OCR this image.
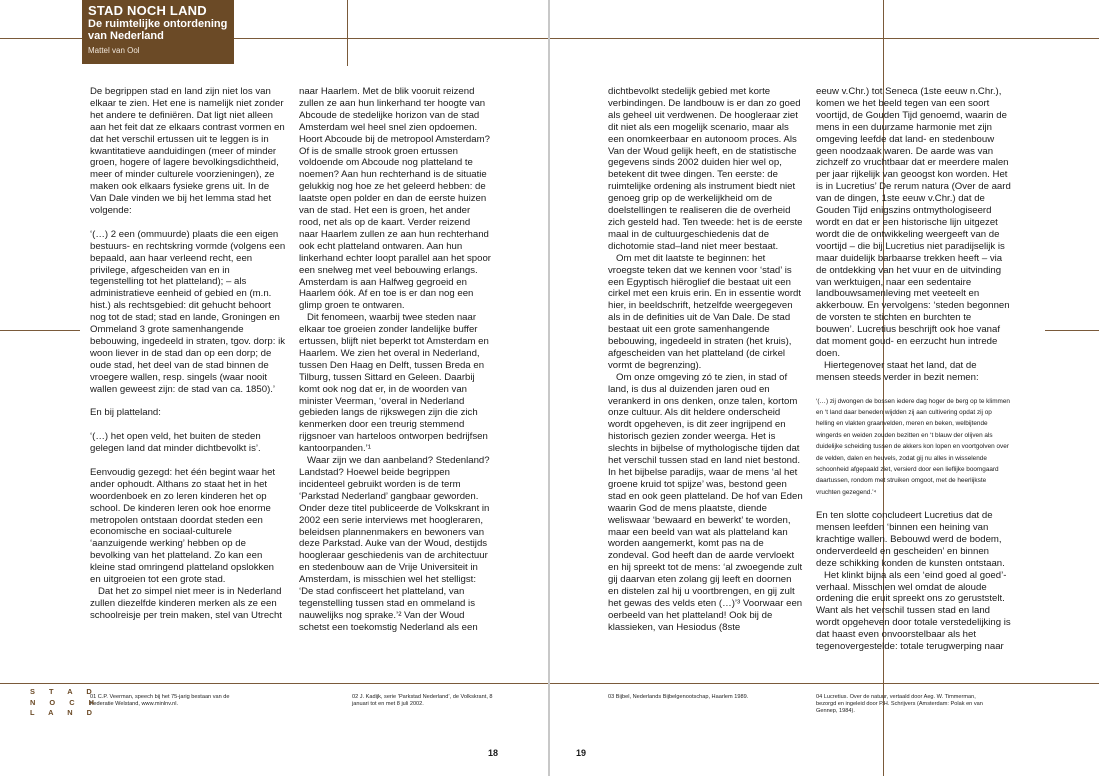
STAD NOCH LAND
De ruimtelijke ontordening
van Nederland
Mattel van Ool

De begrippen stad en land zijn niet los van elkaar te zien. Het ene is namelijk niet zonder het andere te definiëren. Dat ligt niet alleen aan het feit dat ze elkaars contrast vormen en dat het verschil ertussen uit te leggen is in kwantitatieve aanduidingen (meer of minder groen, hogere of lagere bevolkingsdichtheid, meer of minder culturele voorzieningen), ze maken ook elkaars fysieke grens uit. In de Van Dale vinden we bij het lemma stad het volgende:

‘(…) 2 een (ommuurde) plaats die een eigen bestuurs- en rechtskring vormde (volgens een bepaald, aan haar verleend recht, een privilege, afgescheiden van en in tegenstelling tot het platteland); – als administratieve eenheid of gebied en (m.n. hist.) als rechtsgebied: dit gehucht behoort nog tot de stad; stad en lande, Groningen en Ommeland 3 grote samenhangende bebouwing, ingedeeld in straten, tgov. dorp: ik woon liever in de stad dan op een dorp; de oude stad, het deel van de stad binnen de vroegere wallen, resp. singels (waar nooit wallen geweest zijn: de stad van ca. 1850).’

En bij platteland:

‘(…) het open veld, het buiten de steden gelegen land dat minder dichtbevolkt is’.

Eenvoudig gezegd: het één begint waar het ander ophoudt. Althans zo staat het in het woordenboek en zo leren kinderen het op school. De kinderen leren ook hoe enorme metropolen ontstaan doordat steden een economische en sociaal-culturele ‘aanzuigende werking’ hebben op de bevolking van het platteland. Zo kan een kleine stad omringend platteland opslokken en uitgroeien tot een grote stad.

Dat het zo simpel niet meer is in Nederland zullen diezelfde kinderen merken als ze een schoolreisje per trein maken, stel van Utrecht

naar Haarlem. Met de blik vooruit reizend zullen ze aan hun linkerhand ter hoogte van Abcoude de stedelijke horizon van de stad Amsterdam wel heel snel zien opdoemen. Hoort Abcoude bij de metropool Amsterdam? Of is de smalle strook groen ertussen voldoende om Abcoude nog platteland te noemen? Aan hun rechterhand is de situatie gelukkig nog hoe ze het geleerd hebben: de laatste open polder en dan de eerste huizen van de stad. Het een is groen, het ander rood, net als op de kaart. Verder reizend naar Haarlem zullen ze aan hun rechterhand ook echt platteland ontwaren. Aan hun linkerhand echter loopt parallel aan het spoor een snelweg met veel bebouwing erlangs. Amsterdam is aan Halfweg gegroeid en Haarlem óók. Af en toe is er dan nog een glimp groen te ontwaren.

Dit fenomeen, waarbij twee steden naar elkaar toe groeien zonder landelijke buffer ertussen, blijft niet beperkt tot Amsterdam en Haarlem. We zien het overal in Nederland, tussen Den Haag en Delft, tussen Breda en Tilburg, tussen Sittard en Geleen. Daarbij komt ook nog dat er, in de woorden van minister Veerman, ‘overal in Nederland gebieden langs de rijkswegen zijn die zich kenmerken door een treurig stemmend rijgsnoer van harteloos ontworpen bedrijfsen kantoorpanden.’¹

Waar zijn we dan aanbeland? Stedenland? Landstad? Hoewel beide begrippen incidenteel gebruikt worden is de term ‘Parkstad Nederland’ gangbaar geworden. Onder deze titel publiceerde de Volkskrant in 2002 een serie interviews met hoogleraren, beleidsen plannenmakers en bewoners van deze Parkstad. Auke van der Woud, destijds hoogleraar geschiedenis van de architectuur en stedenbouw aan de Vrije Universiteit in Amsterdam, is misschien wel het stelligst: ‘De stad confisceert het platteland, van tegenstelling tussen stad en ommeland is nauwelijks nog sprake.’² Van der Woud schetst een toekomstig Nederland als een

dichtbevolkt stedelijk gebied met korte verbindingen. De landbouw is er dan zo goed als geheel uit verdwenen. De hoogleraar ziet dit niet als een mogelijk scenario, maar als een onomkeerbaar en autonoom proces. Als Van der Woud gelijk heeft, en de statistische gegevens sinds 2002 duiden hier wel op, betekent dit twee dingen. Ten eerste: de ruimtelijke ordening als instrument biedt niet genoeg grip op de werkelijkheid om de doelstellingen te realiseren die de overheid zich gesteld had. Ten tweede: het is de eerste maal in de cultuurgeschiedenis dat de dichotomie stad–land niet meer bestaat.

Om met dit laatste te beginnen: het vroegste teken dat we kennen voor ‘stad’ is een Egyptisch hiëroglief die bestaat uit een cirkel met een kruis erin. En in essentie wordt hier, in beeldschrift, hetzelfde weergegeven als in de definities uit de Van Dale. De stad bestaat uit een grote samenhangende bebouwing, ingedeeld in straten (het kruis), afgescheiden van het platteland (de cirkel vormt de begrenzing).

Om onze omgeving zó te zien, in stad of land, is dus al duizenden jaren oud en verankerd in ons denken, onze talen, kortom onze cultuur. Als dit heldere onderscheid wordt opgeheven, is dit zeer ingrijpend en historisch gezien zonder weerga. Het is slechts in bijbelse of mythologische tijden dat het verschil tussen stad en land niet bestond. In het bijbelse paradijs, waar de mens ‘al het groene kruid tot spijze’ was, bestond geen stad en ook geen platteland. De hof van Eden waarin God de mens plaatste, diende weliswaar ‘bewaard en bewerkt’ te worden, maar een beeld van wat als platteland kan worden aangemerkt, komt pas na de zondeval. God heeft dan de aarde vervloekt en hij spreekt tot de mens: ‘al zwoegende zult gij daarvan eten zolang gij leeft en doornen en distelen zal hij u voortbrengen, en gij zult het gewas des velds eten (…)’³ Voorwaar een oerbeeld van het platteland! Ook bij de klassieken, van Hesiodus (8ste

eeuw v.Chr.) tot Seneca (1ste eeuw n.Chr.), komen we het beeld tegen van een soort voortijd, de Gouden Tijd genoemd, waarin de mens in een duurzame harmonie met zijn omgeving leefde dat land- en stedenbouw geen noodzaak waren. De aarde was van zichzelf zo vruchtbaar dat er meerdere malen per jaar rijkelijk van geoogst kon worden. Het is in Lucretius’ De rerum natura (Over de aard van de dingen, 1ste eeuw v.Chr.) dat de Gouden Tijd enigszins ontmythologiseerd wordt en dat er een historische lijn uitgezet wordt die de ontwikkeling weergeeft van de voortijd – die bij Lucretius niet paradijselijk is maar duidelijk barbaarse trekken heeft – via de ontdekking van het vuur en de uitvinding van werktuigen, naar een sedentaire landbouwsamenleving met veeteelt en akkerbouw. En vervolgens: ‘steden begonnen de vorsten te stichten en burchten te bouwen’. Lucretius beschrijft ook hoe vanaf dat moment goud- en eerzucht hun intrede doen.

Hiertegenover staat het land, dat de mensen steeds verder in bezit nemen:

‘(…) zij dwongen de bossen iedere dag hoger de berg op te klimmen en ‘t land daar beneden wijdden zij aan cultivering opdat zij op helling en vlakten graanvelden, meren en beken, welbijtende wingerds en weiden zouden bezitten en ‘t blauw der olijven als duidelijke scheiding tussen de akkers kon lopen en voortgolven over de velden, dalen en heuvels, zodat gij nu alles in wisselende schoonheid afgepaald ziet, versierd door een lieflijke boomgaard daartussen, rondom met struiken omgoot, met de heerlijkste vruchten gezegend.’⁴

En ten slotte concludeert Lucretius dat de mensen leefden ‘binnen een heining van krachtige wallen. Bebouwd werd de bodem, onderverdeeld en gescheiden’ en binnen deze schikking konden de kunsten ontstaan.

Het klinkt bijna als een ‘eind goed al goed’-verhaal. Misschien wel omdat de aloude ordening die eruit spreekt ons zo geruststelt. Want als het verschil tussen stad en land wordt opgeheven door totale verstedelijking is dat haast even onvoorstelbaar als het tegenovergestelde: totale terugwerping naar

01 C.P. Veerman, speech bij het 75-jarig bestaan van de Federatie Welstand, www.minlnv.nl.
02 J. Kadijk, serie ‘Parkstad Nederland’, de Volkskrant, 8 januari tot en met 8 juli 2002.
03 Bijbel, Nederlands Bijbelgenootschap, Haarlem 1989.	04 Lucretius. Over de natuur, vertaald door Aeg. W. Timmerman, bezorgd en ingeleid door P.H. Schrijvers (Amsterdam: Polak en van Gennep, 1984).
S T A D
N O C H
L A N D
18	19
